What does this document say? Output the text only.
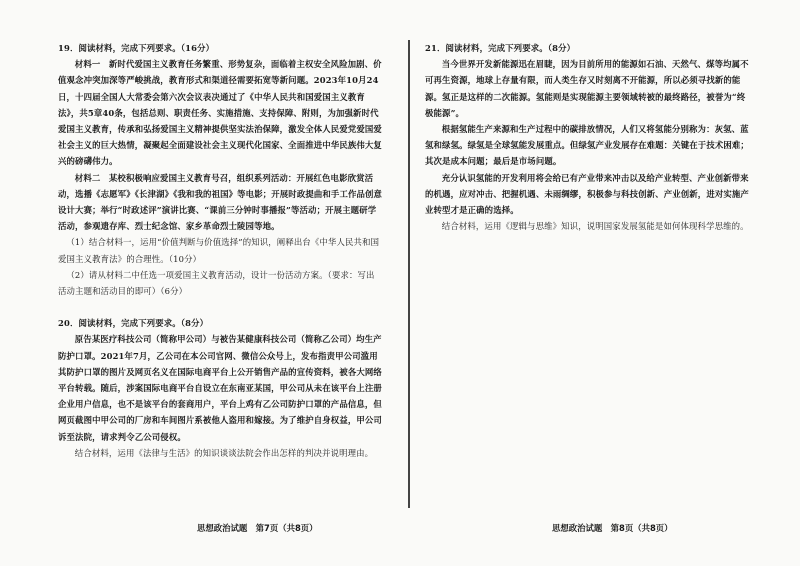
19．阅读材料，完成下列要求。（16分）

材料一　新时代爱国主义教育任务繁重、形势复杂，面临着主权安全风险加剧、价值观念冲突加深等严峻挑战，教育形式和渠道径需要拓宽等新问题。2023年10月24日，十四届全国人大常委会第六次会议表决通过了《中华人民共和国爱国主义教育法》，共5章40条，包括总则、职责任务、实施措施、支持保障、附则，为加强新时代爱国主义教育，传承和弘扬爱国主义精神提供坚实法治保障，激发全体人民爱党爱国爱社会主义的巨大热情，凝聚起全面建设社会主义现代化国家、全面推进中华民族伟大复兴的磅礴伟力。

材料二　某校积极响应爱国主义教育号召，组织系列活动：开展红色电影欣赏活动，选播《志愿军》《长津湖》《我和我的祖国》等电影；开展时政提曲和手工作品创意设计大赛；举行“时政述评”演讲比赛、“课前三分钟时事播报”等活动；开展主题研学活动，参观遗存库、烈士纪念馆、家乡革命烈士陵园等地。

（1）结合材料一，运用“价值判断与价值选择”的知识，阐释出台《中华人民共和国爱国主义教育法》的合理性。（10分）

（2）请从材料二中任选一项爱国主义教育活动，设计一份活动方案。（要求：写出活动主题和活动目的即可）（6分）

20．阅读材料，完成下列要求。（8分）

原告某医疗科技公司（简称甲公司）与被告某健康科技公司（简称乙公司）均生产防护口罩。2021年7月，乙公司在本公司官网、微信公众号上，发布指责甲公司滥用其防护口罩的图片及网页名义在国际电商平台上公开销售产品的宣传资料，被各大网络平台转载。随后，涉案国际电商平台自设立在东南亚某国，甲公司从未在该平台上注册企业用户信息，也不是该平台的套商用户，平台上鸡有乙公司防护口罩的产品信息，但网页截图中甲公司的厂房和车间图片系被他人盗用和嫁接。为了维护自身权益，甲公司诉至法院，请求判令乙公司侵权。

结合材料，运用《法律与生活》的知识谈谈法院会作出怎样的判决并说明理由。

21．阅读材料，完成下列要求。（8分）

当今世界开发新能源迅在眉睫，因为目前所用的能源如石油、天然气、煤等均属不可再生资源，地球上存量有限，而人类生存又时刻离不开能源，所以必须寻找新的能源。氢正是这样的二次能源。氢能则是实现能源主要领域转被的最终路径，被誉为“终极能源”。

根据氢能生产来源和生产过程中的碳排放情况，人们又将氢能分别称为：灰氢、蓝氢和绿氢。绿氢是全球氢能发展重点。但绿氢产业发展存在难题：关键在于技术困难；其次是成本问题；最后是市场问题。

充分认识氢能的开发利用将会给已有产业带来冲击以及给产业转型、产业创新带来的机遇，应对冲击、把握机遇、未雨绸缪，积极参与科技创新、产业创新，进对实施产业转型才是正确的选择。

结合材料，运用《逻辑与思维》知识，说明国家发展氢能是如何体现科学思维的。

思想政治试题　第7页（共8页）	思想政治试题　第8页（共8页）
